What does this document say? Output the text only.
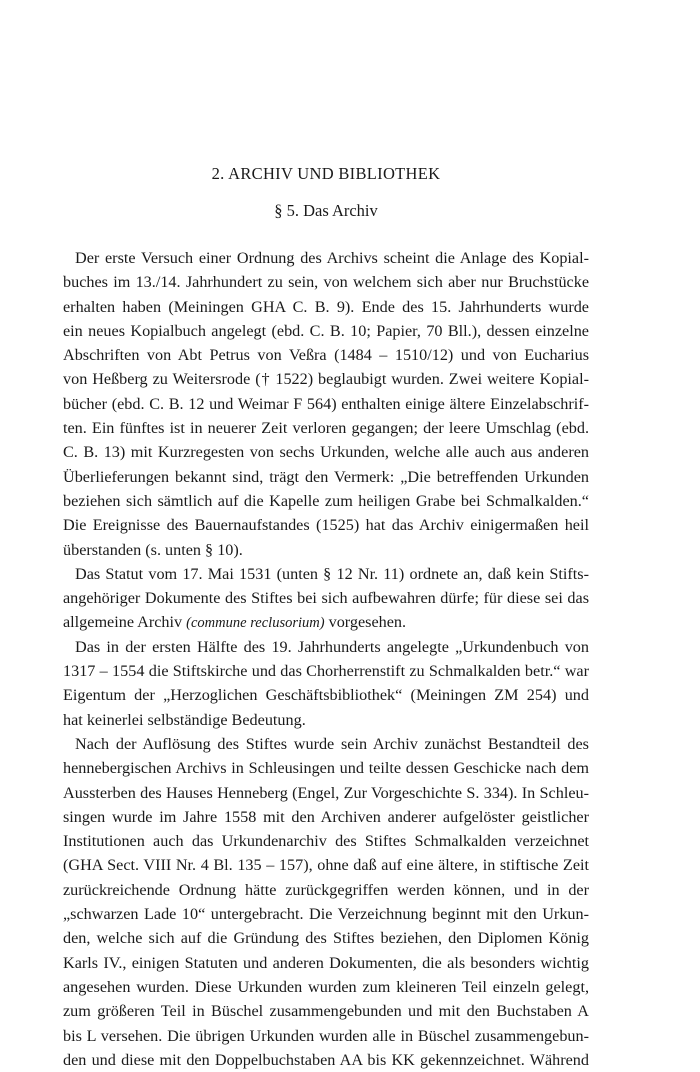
2. ARCHIV UND BIBLIOTHEK
§ 5. Das Archiv
Der erste Versuch einer Ordnung des Archivs scheint die Anlage des Kopial-
buches im 13./14. Jahrhundert zu sein, von welchem sich aber nur Bruchstücke
erhalten haben (Meiningen GHA C. B. 9). Ende des 15. Jahrhunderts wurde
ein neues Kopialbuch angelegt (ebd. C. B. 10; Papier, 70 Bll.), dessen einzelne
Abschriften von Abt Petrus von Veßra (1484 – 1510/12) und von Eucharius
von Heßberg zu Weitersrode († 1522) beglaubigt wurden. Zwei weitere Kopial-
bücher (ebd. C. B. 12 und Weimar F 564) enthalten einige ältere Einzelabschrif-
ten. Ein fünftes ist in neuerer Zeit verloren gegangen; der leere Umschlag (ebd.
C. B. 13) mit Kurzregesten von sechs Urkunden, welche alle auch aus anderen
Überlieferungen bekannt sind, trägt den Vermerk: „Die betreffenden Urkunden
beziehen sich sämtlich auf die Kapelle zum heiligen Grabe bei Schmalkalden.“
Die Ereignisse des Bauernaufstandes (1525) hat das Archiv einigermaßen heil
überstanden (s. unten § 10).
Das Statut vom 17. Mai 1531 (unten § 12 Nr. 11) ordnete an, daß kein Stifts-
angehöriger Dokumente des Stiftes bei sich aufbewahren dürfe; für diese sei das
allgemeine Archiv (commune reclusorium) vorgesehen.
Das in der ersten Hälfte des 19. Jahrhunderts angelegte „Urkundenbuch von
1317 – 1554 die Stiftskirche und das Chorherrenstift zu Schmalkalden betr.“ war
Eigentum der „Herzoglichen Geschäftsbibliothek“ (Meiningen ZM 254) und
hat keinerlei selbständige Bedeutung.
Nach der Auflösung des Stiftes wurde sein Archiv zunächst Bestandteil des
hennebergischen Archivs in Schleusingen und teilte dessen Geschicke nach dem
Aussterben des Hauses Henneberg (Engel, Zur Vorgeschichte S. 334). In Schleu-
singen wurde im Jahre 1558 mit den Archiven anderer aufgelöster geistlicher
Institutionen auch das Urkundenarchiv des Stiftes Schmalkalden verzeichnet
(GHA Sect. VIII Nr. 4 Bl. 135 – 157), ohne daß auf eine ältere, in stiftische Zeit
zurückreichende Ordnung hätte zurückgegriffen werden können, und in der
„schwarzen Lade 10“ untergebracht. Die Verzeichnung beginnt mit den Urkun-
den, welche sich auf die Gründung des Stiftes beziehen, den Diplomen König
Karls IV., einigen Statuten und anderen Dokumenten, die als besonders wichtig
angesehen wurden. Diese Urkunden wurden zum kleineren Teil einzeln gelegt,
zum größeren Teil in Büschel zusammengebunden und mit den Buchstaben A
bis L versehen. Die übrigen Urkunden wurden alle in Büschel zusammengebun-
den und diese mit den Doppelbuchstaben AA bis KK gekennzeichnet. Während
